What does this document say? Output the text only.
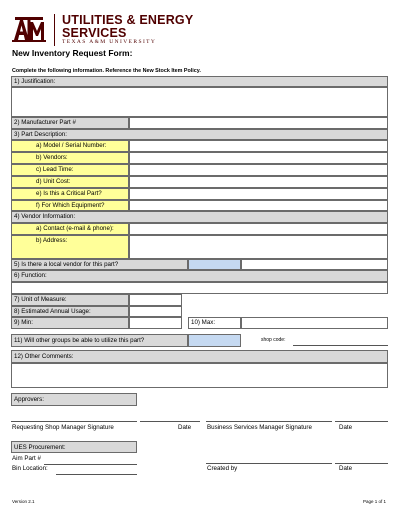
UTILITIES & ENERGY
SERVICES
TEXAS A&M UNIVERSITY
New Inventory Request Form:
Complete the following information. Reference the New Stock Item Policy.
1) Justification:
2) Manufacturer Part #
3) Part Description:
a) Model / Serial Number:
b) Vendors:
c) Lead Time:
d) Unit Cost:
e) Is this a Critical Part?
f) For Which Equipment?
4) Vendor Information:
a) Contact (e-mail & phone):
b) Address:
5) Is there a local vendor for this part?
6) Function:
7) Unit of Measure:
8) Estimated Annual Usage:
9) Min:	10) Max:
11) Will other groups be able to utilize this part?	shop code:
12) Other Comments:
Approvers:
Requesting Shop Manager Signature	Date	Business Services Manager Signature	Date
UES Procurement:
Aim Part #
Bin Location:	Created by	Date
Version 2.1	Page 1 of 1
